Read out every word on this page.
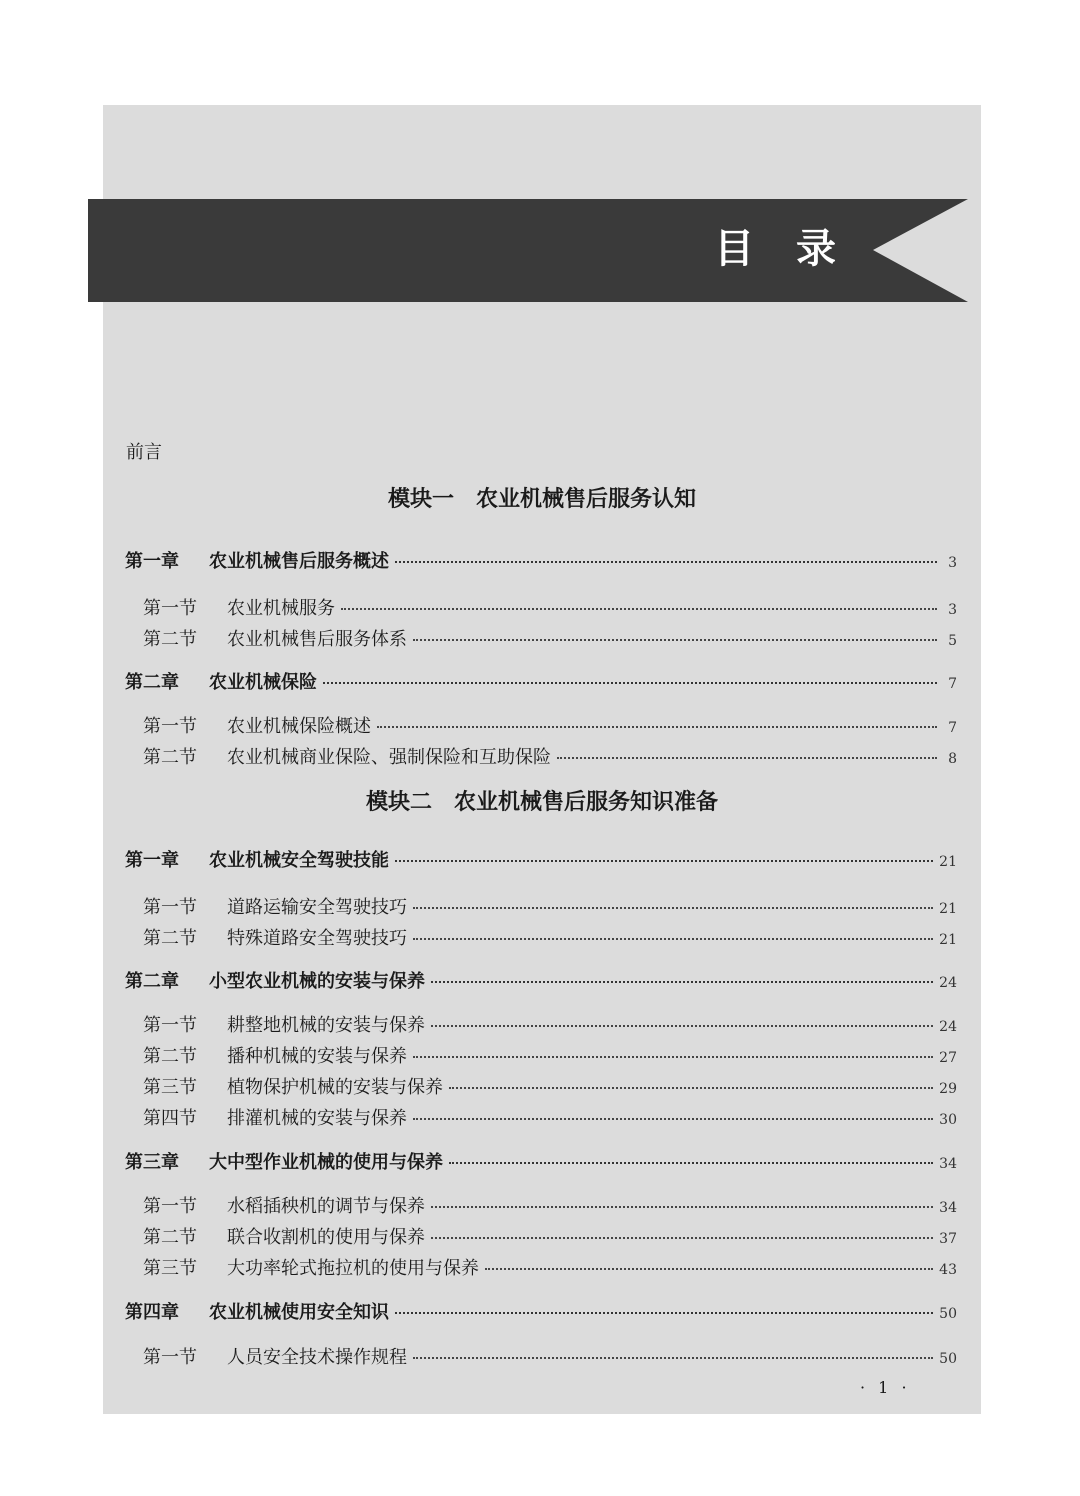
目 录
前言
模块一　农业机械售后服务认知
第一章	农业机械售后服务概述	3
第一节	农业机械服务	3
第二节	农业机械售后服务体系	5
第二章	农业机械保险	7
第一节	农业机械保险概述	7
第二节	农业机械商业保险、强制保险和互助保险	8
模块二　农业机械售后服务知识准备
第一章	农业机械安全驾驶技能	21
第一节	道路运输安全驾驶技巧	21
第二节	特殊道路安全驾驶技巧	21
第二章	小型农业机械的安装与保养	24
第一节	耕整地机械的安装与保养	24
第二节	播种机械的安装与保养	27
第三节	植物保护机械的安装与保养	29
第四节	排灌机械的安装与保养	30
第三章	大中型作业机械的使用与保养	34
第一节	水稻插秧机的调节与保养	34
第二节	联合收割机的使用与保养	37
第三节	大功率轮式拖拉机的使用与保养	43
第四章	农业机械使用安全知识	50
第一节	人员安全技术操作规程	50
· 1 ·
